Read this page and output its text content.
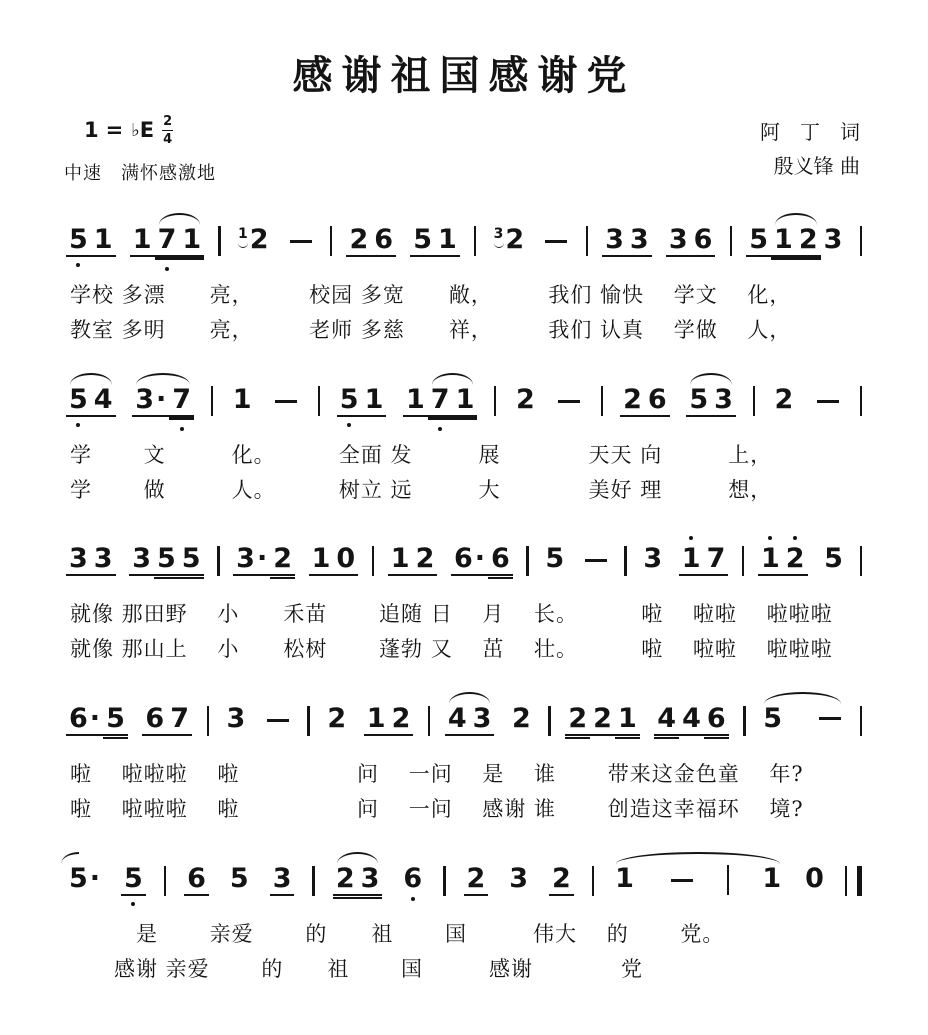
感谢祖国感谢党
1 = ♭ E $\frac{2}{4}$
中速　满怀感激地
阿　丁　词
殷义锋 曲
5 1 1 7 1	1 2	2 6 5 1	3 2	3 3 3 6 5 1 2 3
学校 多漂　　亮，　　　校园 多宽　　敞，　　　我们 愉快　 学文　 化，
教室 多明　　亮，　　　老师 多慈　　祥，　　　我们 认真　 学做　 人，
5 4 3 · 7 1	5 1 1 7 1 2	2 6 5 3 2
学　　 文　　　化。　　　 全面 发　　　展　　　　天天 向　　　上，
学　　 做　　　人。　　　 树立 远　　　大　　　　美好 理　　　想，
3 3 3 5 5 3 · 2 1 0 1 2 6 · 6 5	3 1 7 1 2 5
就像 那田野　 小　　禾苗　　 追随 日　 月　 长。　　　 啦　 啦啦　 啦啦啦
就像 那山上　 小　　松树　　 蓬勃 又　 茁　 壮。　　　 啦　 啦啦　 啦啦啦
6 · 5 6 7 3	2 1 2 4 3 2 2 2 1 4 4 6 5
啦　 啦啦啦　 啦　　　　　 问　 一问　 是　 谁　　 带来这金色童　 年?
啦　 啦啦啦　 啦　　　　　 问　 一问　 感谢 谁　　 创造这幸福环　 境?
5 · 5 6 5 3 2 3 6 2 3 2 1	1 0
　　　是　　 亲爱　　 的　　祖　　 国　　　伟大　 的　　 党。
　　感谢 亲爱　　 的　　祖　　 国　　　感谢　　　　党
